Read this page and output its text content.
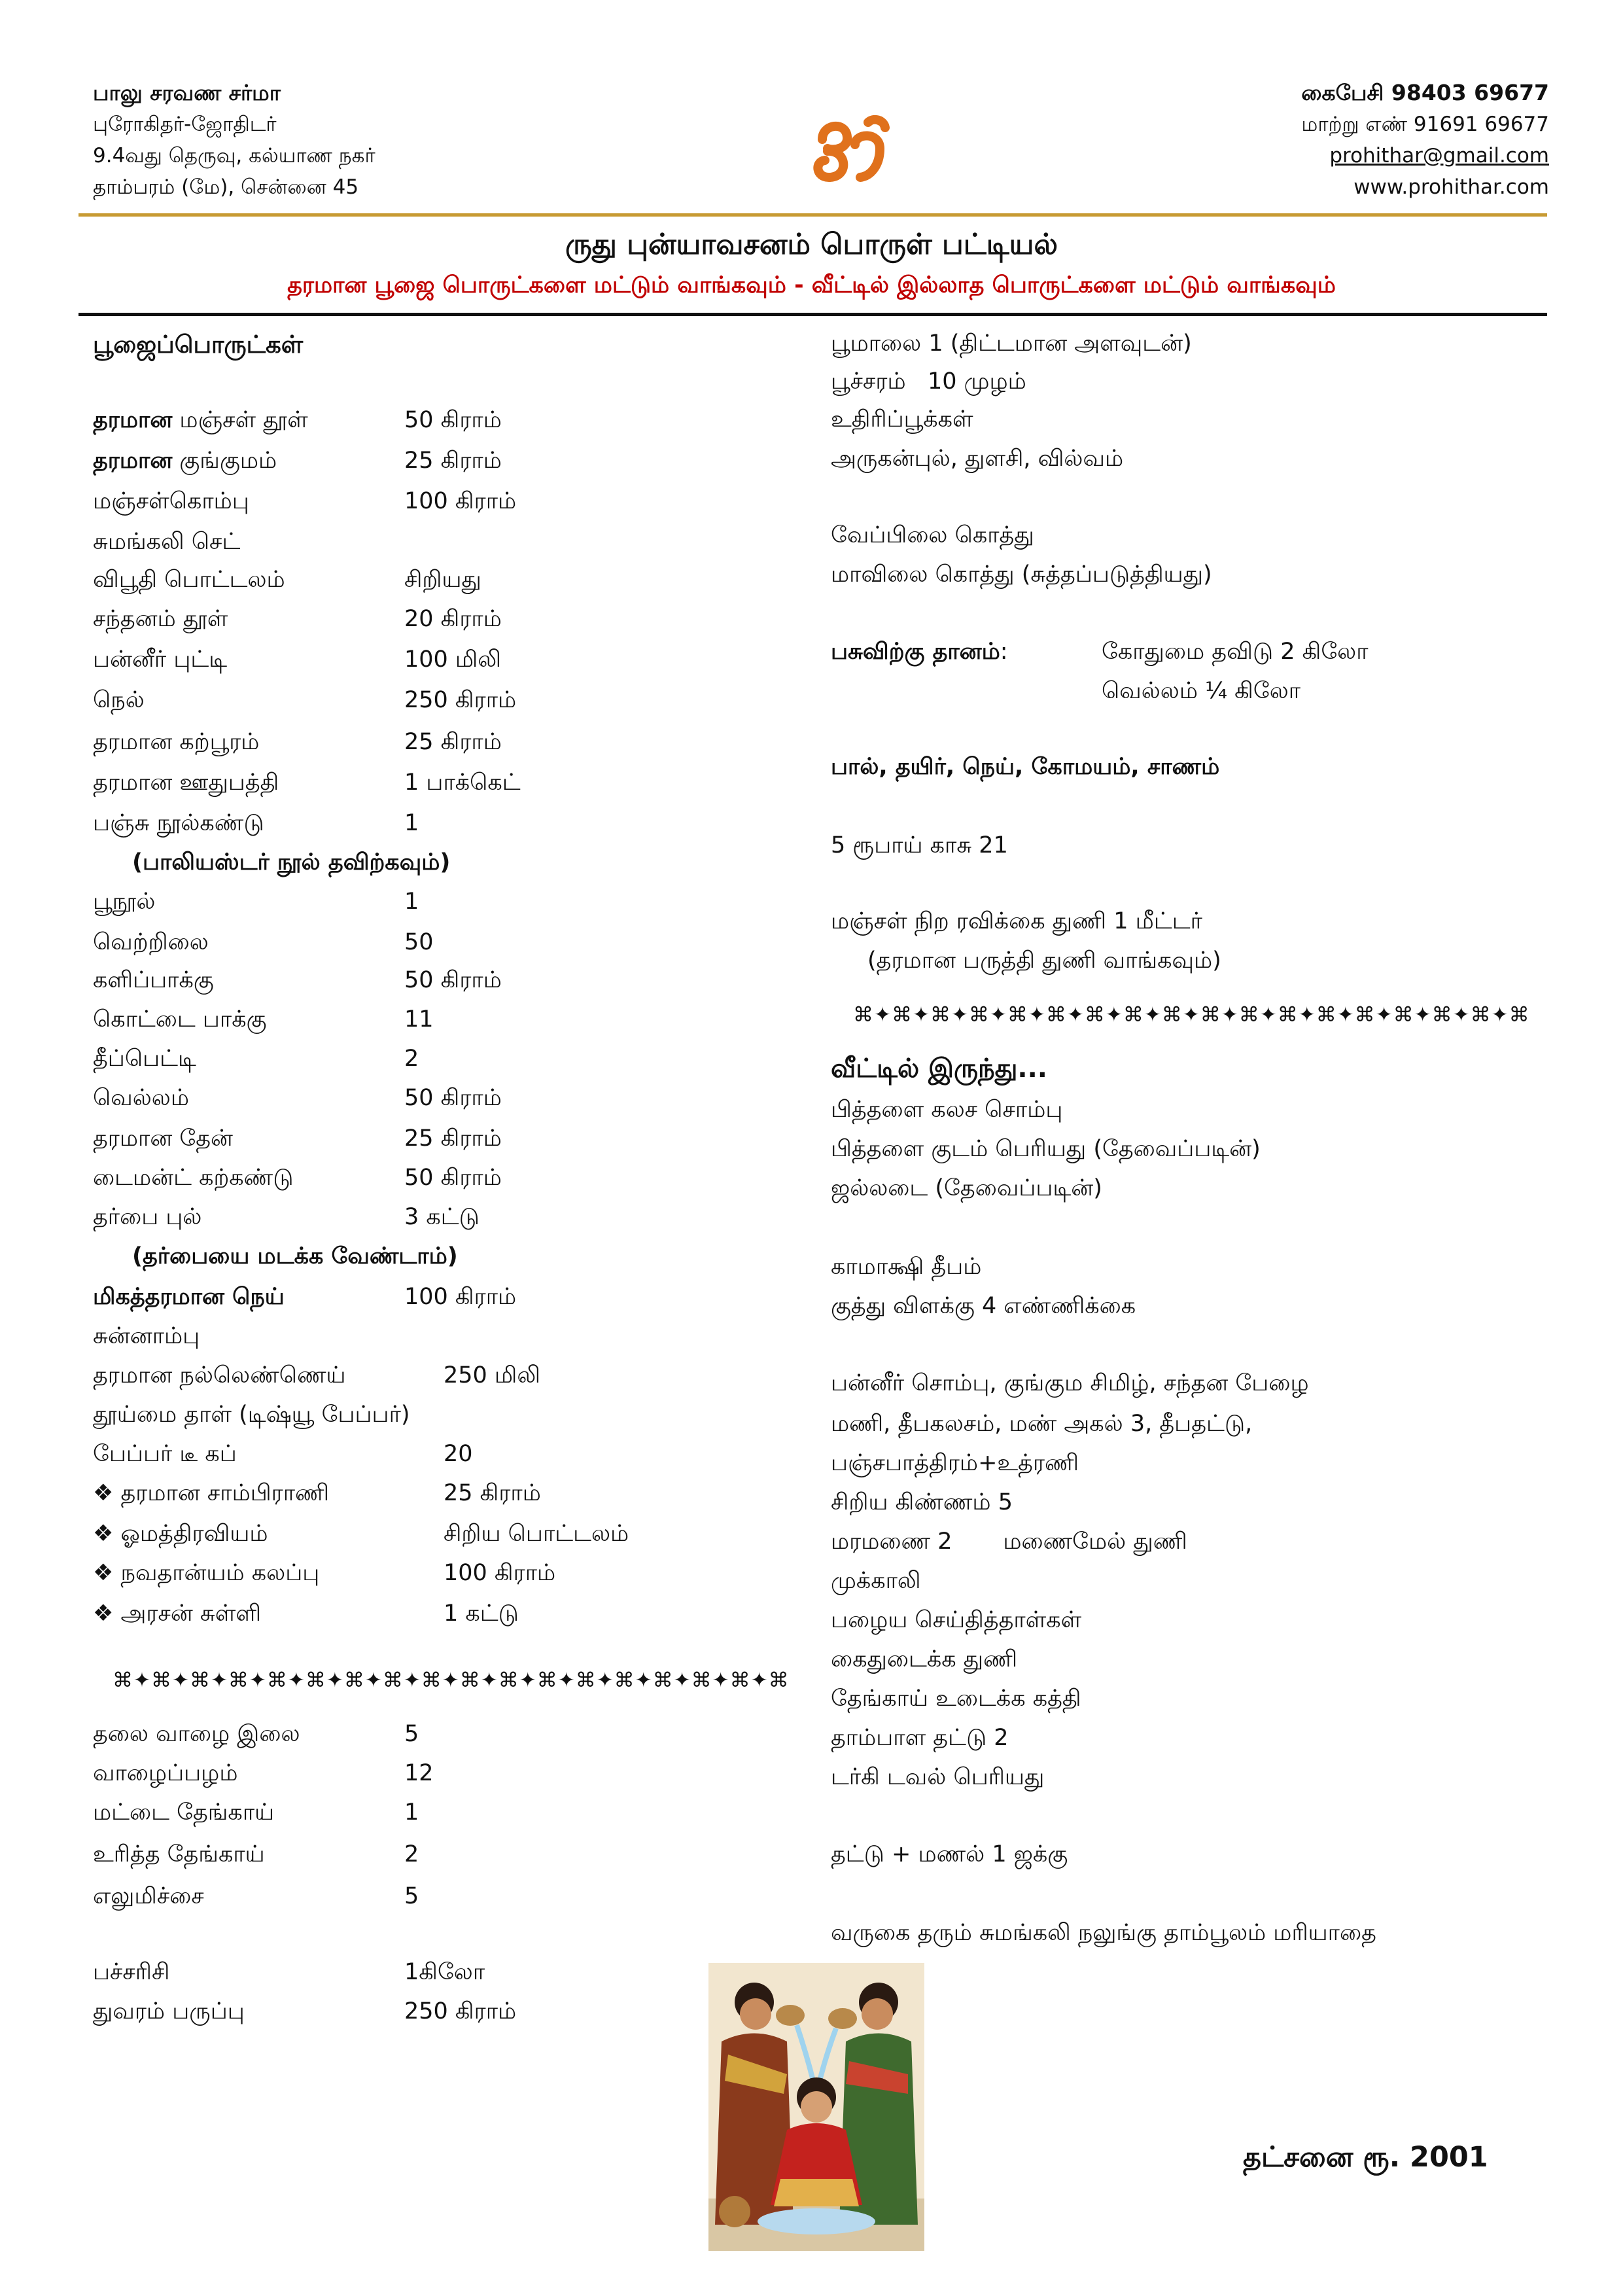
பாலு சரவண சர்மா
புரோகிதர்-ஜோதிடர்
9.4வது தெருவு, கல்யாண நகர்
தாம்பரம் (மே), சென்னை 45
கைபேசி 98403 69677
மாற்று எண் 91691 69677
prohithar@gmail.com
www.prohithar.com
ருது புன்யாவசனம் பொருள் பட்டியல்
தரமான பூஜை பொருட்களை மட்டும் வாங்கவும் - வீட்டில் இல்லாத பொருட்களை மட்டும் வாங்கவும்
பூஜைப்பொருட்கள்
தரமான மஞ்சள் தூள்	50 கிராம்
தரமான குங்குமம்	25 கிராம்
மஞ்சள்கொம்பு	100 கிராம்
சுமங்கலி செட்
விபூதி பொட்டலம்	சிறியது
சந்தனம் தூள்	20 கிராம்
பன்னீர் புட்டி	100 மிலி
நெல்	250 கிராம்
தரமான கற்பூரம்	25 கிராம்
தரமான ஊதுபத்தி	1 பாக்கெட்
பஞ்சு நூல்கண்டு	1
(பாலியஸ்டர் நூல் தவிற்கவும்)
பூநூல்	1
வெற்றிலை	50
களிப்பாக்கு	50 கிராம்
கொட்டை பாக்கு	11
தீப்பெட்டி	2
வெல்லம்	50 கிராம்
தரமான தேன்	25 கிராம்
டைமன்ட் கற்கண்டு	50 கிராம்
தர்பை புல்	3 கட்டு
(தர்பையை மடக்க வேண்டாம்)
மிகத்தரமான நெய்	100 கிராம்
சுன்னாம்பு
தரமான நல்லெண்ணெய்	250 மிலி
தூய்மை தாள் (டிஷ்யூ பேப்பர்)
பேப்பர் டீ கப்	20
❖ தரமான சாம்பிராணி	25 கிராம்
❖ ஓமத்திரவியம்	சிறிய பொட்டலம்
❖ நவதான்யம் கலப்பு	100 கிராம்
❖ அரசன் சுள்ளி	1 கட்டு
⌘✦⌘✦⌘✦⌘✦⌘✦⌘✦⌘✦⌘✦⌘✦⌘✦⌘✦⌘✦⌘✦⌘✦⌘✦⌘✦⌘✦⌘
தலை வாழை இலை	5
வாழைப்பழம்	12
மட்டை தேங்காய்	1
உரித்த தேங்காய்	2
எலுமிச்சை	5
பச்சரிசி	1கிலோ
துவரம் பருப்பு	250 கிராம்
பூமாலை 1 (திட்டமான அளவுடன்)
பூச்சரம்   10 முழம்
உதிரிப்பூக்கள்
அருகன்புல், துளசி, வில்வம்
வேப்பிலை கொத்து
மாவிலை கொத்து (சுத்தப்படுத்தியது)
பசுவிற்கு தானம்:	கோதுமை தவிடு 2 கிலோ
வெல்லம் ¼ கிலோ
பால், தயிர், நெய், கோமயம், சாணம்
5 ரூபாய் காசு 21
மஞ்சள் நிற ரவிக்கை துணி 1 மீட்டர்
(தரமான பருத்தி துணி வாங்கவும்)
⌘✦⌘✦⌘✦⌘✦⌘✦⌘✦⌘✦⌘✦⌘✦⌘✦⌘✦⌘✦⌘✦⌘✦⌘✦⌘✦⌘✦⌘
வீட்டில் இருந்து...
பித்தளை கலச சொம்பு
பித்தளை குடம் பெரியது (தேவைப்படின்)
ஜல்லடை (தேவைப்படின்)
காமாக்ஷி தீபம்
குத்து விளக்கு 4 எண்ணிக்கை
பன்னீர் சொம்பு, குங்கும சிமிழ், சந்தன பேழை
மணி, தீபகலசம், மண் அகல் 3, தீபதட்டு,
பஞ்சபாத்திரம்+உத்ரணி
சிறிய கிண்ணம் 5
மரமணை 2       மணைமேல் துணி
முக்காலி
பழைய செய்தித்தாள்கள்
கைதுடைக்க துணி
தேங்காய் உடைக்க கத்தி
தாம்பாள தட்டு 2
டர்கி டவல் பெரியது
தட்டு + மணல் 1 ஜக்கு
வருகை தரும் சுமங்கலி நலுங்கு தாம்பூலம் மரியாதை
தட்சனை ரூ. 2001
